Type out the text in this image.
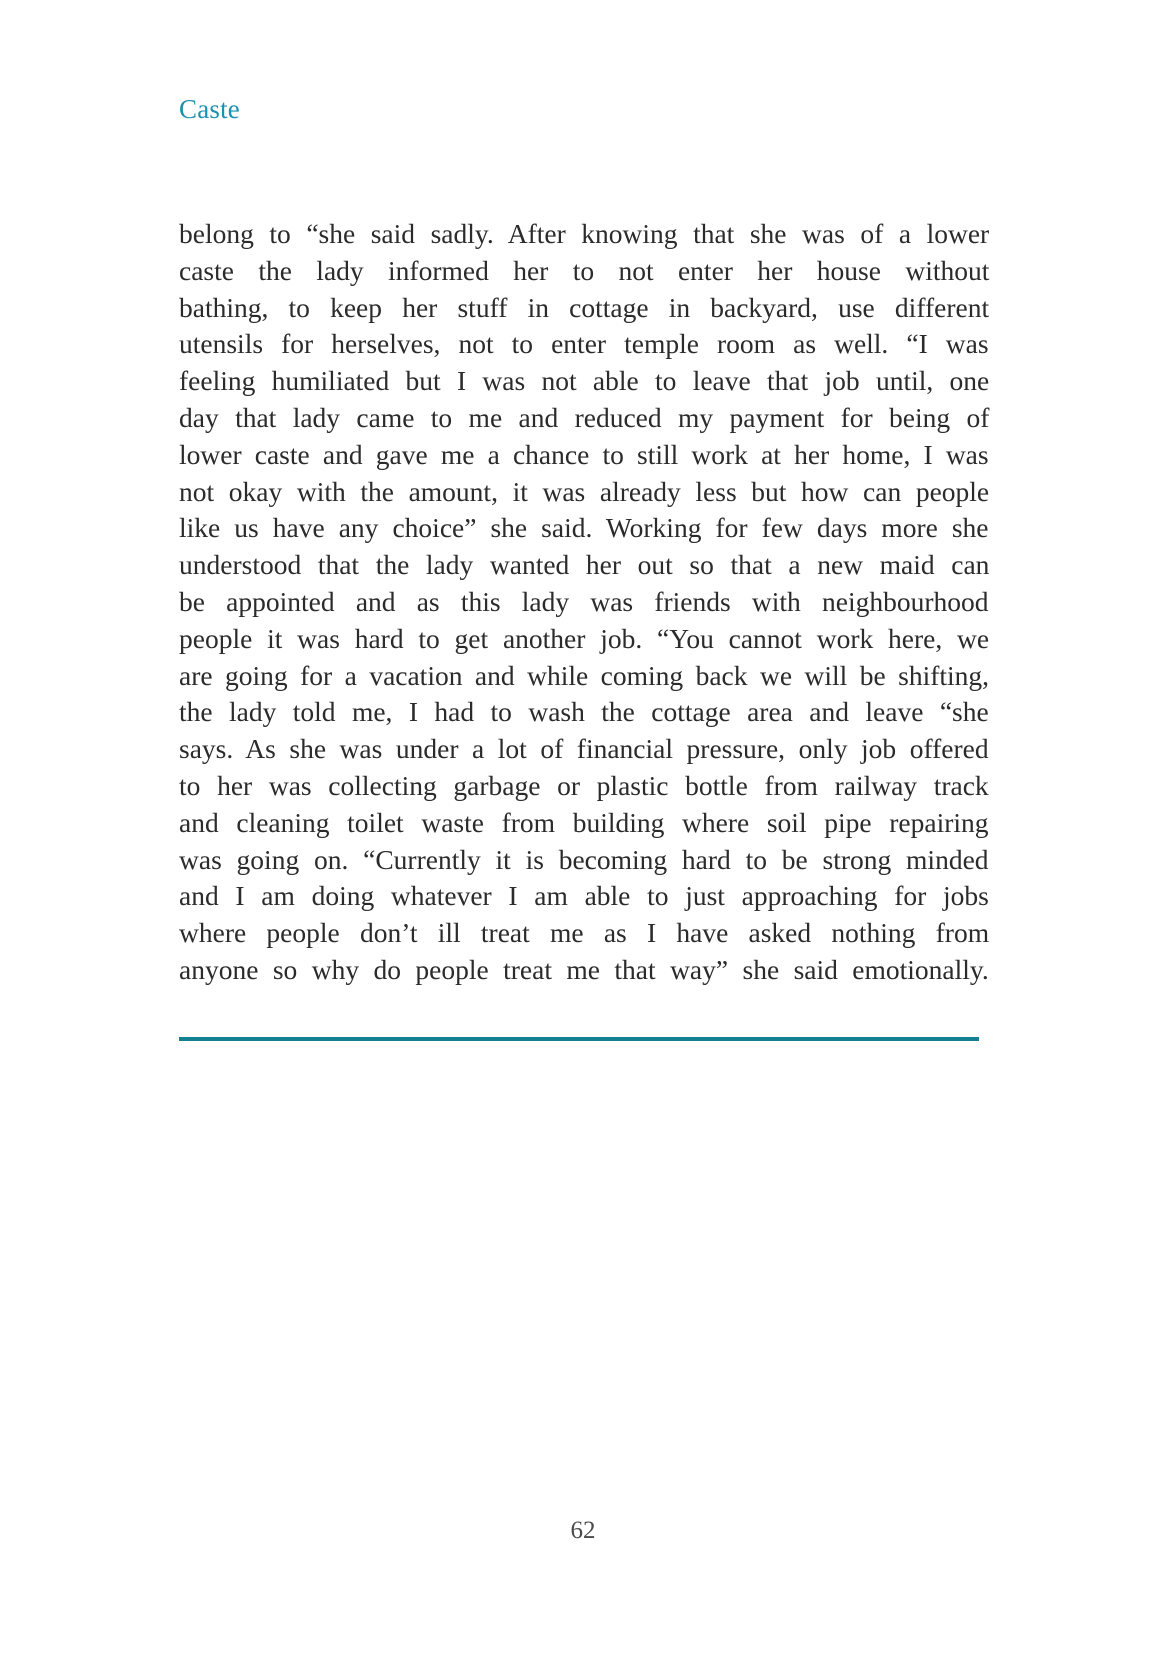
Caste
belong to “she said sadly. After knowing that she was of a lower
caste the lady informed her to not enter her house without
bathing, to keep her stuff in cottage in backyard, use different
utensils for herselves, not to enter temple room as well. “I was
feeling humiliated but I was not able to leave that job until, one
day that lady came to me and reduced my payment for being of
lower caste and gave me a chance to still work at her home, I was
not okay with the amount, it was already less but how can people
like us have any choice” she said. Working for few days more she
understood that the lady wanted her out so that a new maid can
be appointed and as this lady was friends with neighbourhood
people it was hard to get another job. “You cannot work here, we
are going for a vacation and while coming back we will be shifting,
the lady told me, I had to wash the cottage area and leave “she
says. As she was under a lot of financial pressure, only job offered
to her was collecting garbage or plastic bottle from railway track
and cleaning toilet waste from building where soil pipe repairing
was going on. “Currently it is becoming hard to be strong minded
and I am doing whatever I am able to just approaching for jobs
where people don’t ill treat me as I have asked nothing from
anyone so why do people treat me that way” she said emotionally.
62
